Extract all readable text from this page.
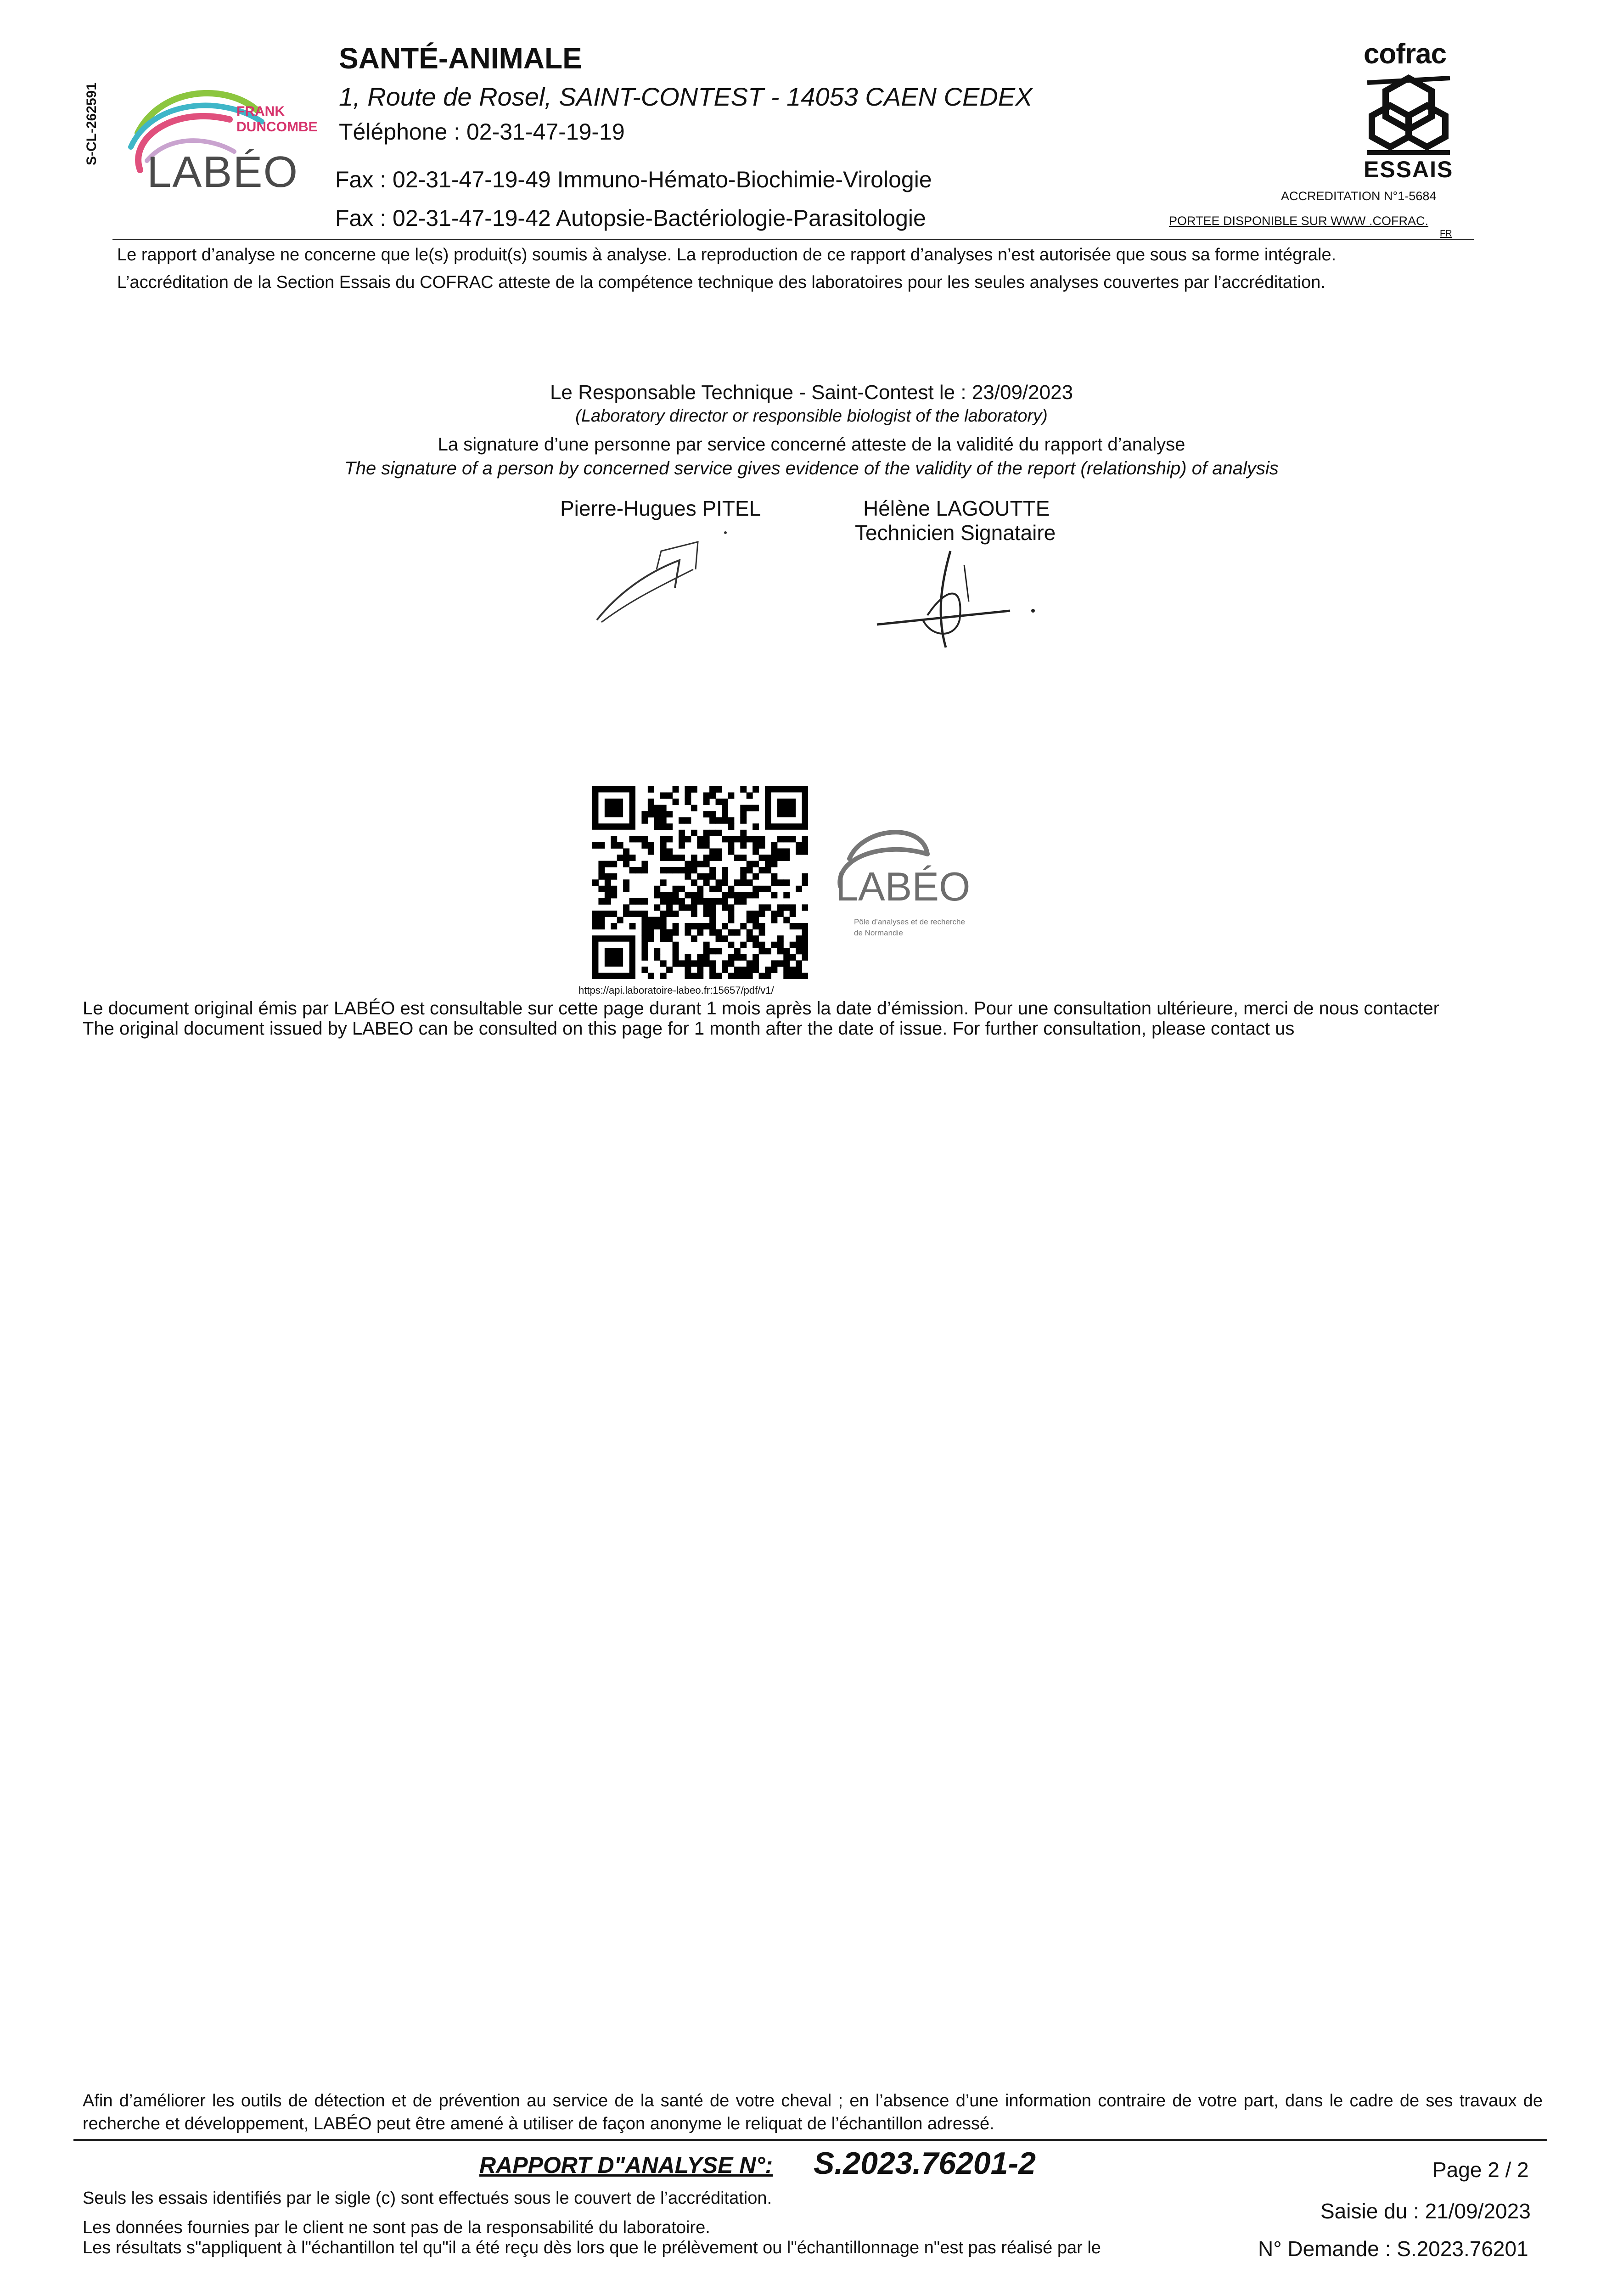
S-CL-262591	FRANK
DUNCOMBE
LABÉO
SANTÉ-ANIMALE
1, Route de Rosel, SAINT-CONTEST - 14053 CAEN CEDEX
Téléphone : 02-31-47-19-19
Fax : 02-31-47-19-49 Immuno-Hémato-Biochimie-Virologie
Fax : 02-31-47-19-42 Autopsie-Bactériologie-Parasitologie
cofrac
ESSAIS
ACCREDITATION N°1-5684
PORTEE DISPONIBLE SUR WWW .COFRAC.
FR
Le rapport d’analyse ne concerne que le(s) produit(s) soumis à analyse. La reproduction de ce rapport d’analyses n’est autorisée que sous sa forme intégrale.
L’accréditation de la Section Essais du COFRAC atteste de la compétence technique des laboratoires pour les seules analyses couvertes par l’accréditation.
Le Responsable Technique - Saint-Contest le : 23/09/2023
(Laboratory director or responsible biologist of the laboratory)
La signature d’une personne par service concerné atteste de la validité du rapport d’analyse
The signature of a person by concerned service gives evidence of the validity of the report (relationship) of analysis
Pierre-Hugues PITEL	Hélène LAGOUTTE
Technicien Signataire
LABÉO
Pôle d’analyses et de recherche
de Normandie
https://api.laboratoire-labeo.fr:15657/pdf/v1/
Le document original émis par LABÉO est consultable sur cette page durant 1 mois après la date d’émission. Pour une consultation ultérieure, merci de nous contacter
The original document issued by LABEO can be consulted on this page for 1 month after the date of issue. For further consultation, please contact us
Afin d’améliorer les outils de détection et de prévention au service de la santé de votre cheval ; en l’absence d’une information contraire de votre part, dans le cadre de ses travaux de recherche et développement, LABÉO peut être amené à utiliser de façon anonyme le reliquat de l’échantillon adressé.
RAPPORT D"ANALYSE N°: S.2023.76201-2	Page 2 / 2
Seuls les essais identifiés par le sigle (c) sont effectués sous le couvert de l’accréditation.
Saisie du : 21/09/2023
Les données fournies par le client ne sont pas de la responsabilité du laboratoire.
Les résultats s"appliquent à l"échantillon tel qu"il a été reçu dès lors que le prélèvement ou l"échantillonnage n"est pas réalisé par le	N° Demande : S.2023.76201
